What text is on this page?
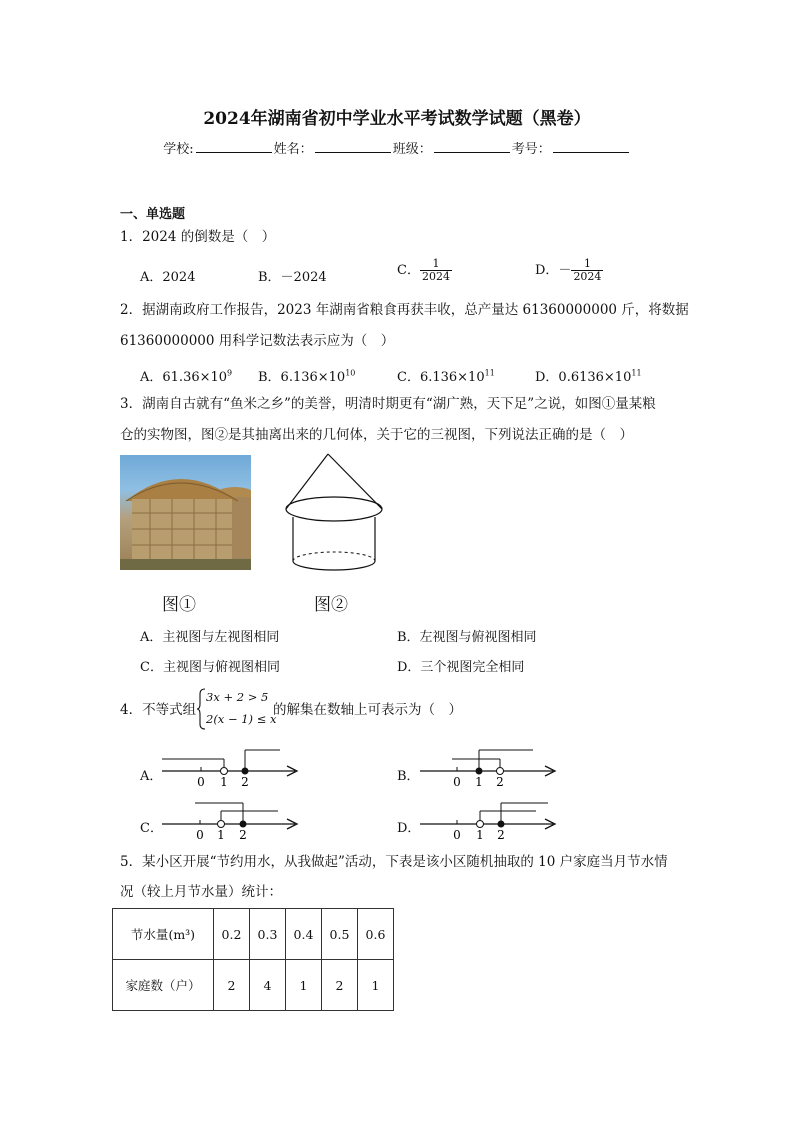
2024年湖南省初中学业水平考试数学试题（黑卷）
学校:	姓名：	班级：	考号：
一、单选题
1．2024 的倒数是（　）
A．2024	B．－2024	C． $\frac{1}{2024}$	D．－ $\frac{1}{2024}$
2．据湖南政府工作报告，2023 年湖南省粮食再获丰收，总产量达 61360000000 斤，将数据
61360000000 用科学记数法表示应为（　）
A．$61.36\times 10^9$ B．$6.136\times 10^{10}$	C．$6.136\times 10^{11}$	D．$0.6136\times 10^{11}$
3．湖南自古就有“鱼米之乡”的美誉，明清时期更有“湖广熟，天下足”之说，如图①量某粮
仓的实物图，图②是其抽离出来的几何体，关于它的三视图，下列说法正确的是（　）
图①	图②
A．主视图与左视图相同	B．左视图与俯视图相同
C．主视图与俯视图相同	D．三个视图完全相同
4．不等式组
3x + 2 > 5
2(x − 1) ≤ x
的解集在数轴上可表示为（　）
A．	0 1 2	B．	0 1 2
C．	0 1 2	D．	0 1 2
5．某小区开展“节约用水，从我做起”活动，下表是该小区随机抽取的 10 户家庭当月节水情
况（较上月节水量）统计：
节水量(m³)	0.2	0.3	0.4	0.5	0.6
家庭数（户）	2	4	1	2	1
